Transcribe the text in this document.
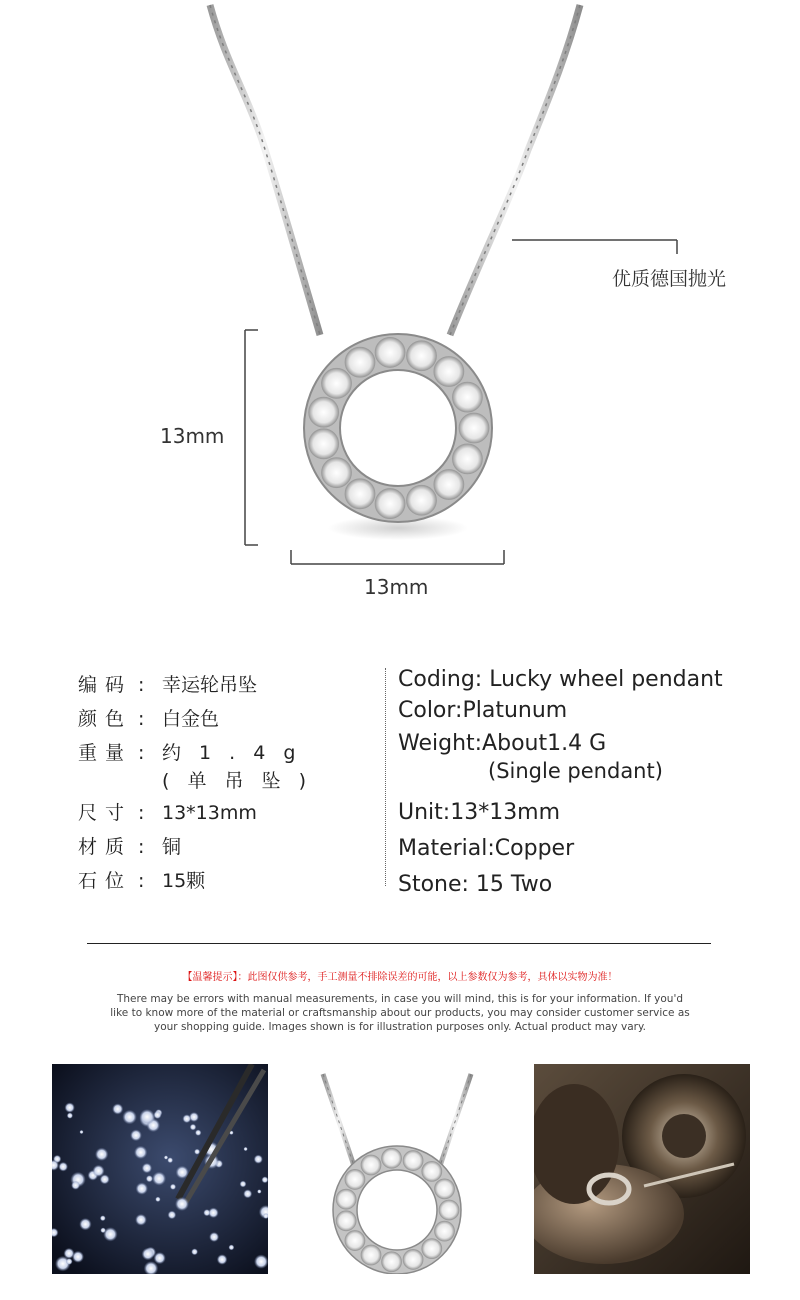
优质德国抛光
13mm
13mm
编码 : 幸运轮吊坠
颜色 : 白金色
重量 : 约 1 . 4 g
( 单 吊 坠 )
尺寸 : 13*13mm
材质 : 铜
石位 : 15颗
Coding: Lucky wheel pendant
Color:Platunum
Weight:About1.4 G
(Single pendant)
Unit:13*13mm
Material:Copper
Stone: 15 Two
【温馨提示】：此图仅供参考，手工测量不排除误差的可能，以上参数仅为参考，具体以实物为准！
There may be errors with manual measurements, in case you will mind, this is for your information. If you'd like to know more of the material or craftsmanship about our products, you may consider customer service as your shopping guide. Images shown is for illustration purposes only. Actual product may vary.
